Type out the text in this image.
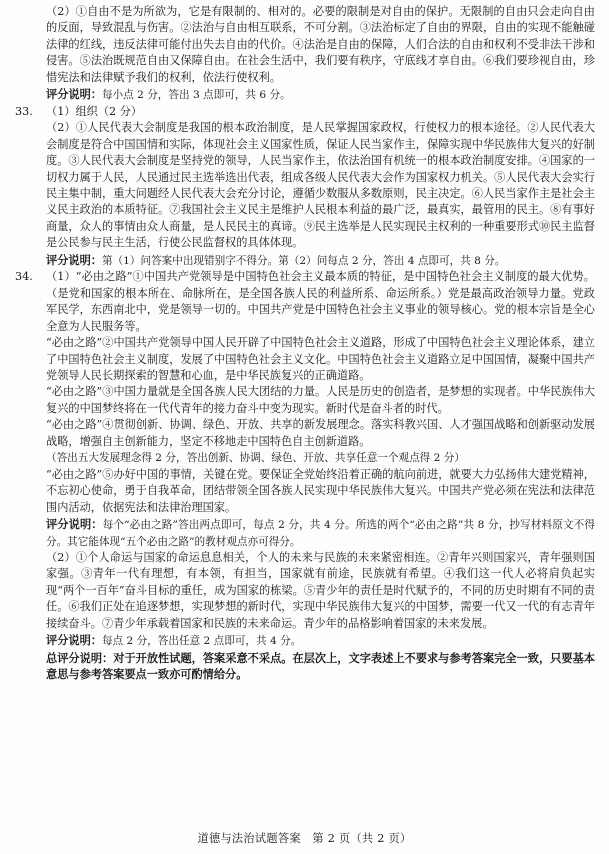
（2）①自由不是为所欲为，它是有限制的、相对的。必要的限制是对自由的保护。无限制的自由只会走向自由的反面，导致混乱与伤害。②法治与自由相互联系，不可分割。③法治标定了自由的界限，自由的实现不能触碰法律的红线，违反法律可能付出失去自由的代价。④法治是自由的保障，人们合法的自由和权利不受非法干涉和侵害。⑤法治既规范自由又保障自由。在社会生活中，我们要有秩序，守底线才享自由。⑥我们要珍视自由，珍惜宪法和法律赋予我们的权利，依法行使权利。

评分说明：每小点 2 分，答出 3 点即可，共 6 分。

33.	（1）组织（2 分）

（2）①人民代表大会制度是我国的根本政治制度，是人民掌握国家政权，行使权力的根本途径。②人民代表大会制度是符合中国国情和实际，体现社会主义国家性质，保证人民当家作主，保障实现中华民族伟大复兴的好制度。③人民代表大会制度是坚持党的领导，人民当家作主，依法治国有机统一的根本政治制度安排。④国家的一切权力属于人民，人民通过民主选举选出代表，组成各级人民代表大会作为国家权力机关。⑤人民代表大会实行民主集中制，重大问题经人民代表大会充分讨论，遵循少数服从多数原则，民主决定。⑥人民当家作主是社会主义民主政治的本质特征。⑦我国社会主义民主是维护人民根本利益的最广泛，最真实，最管用的民主。⑧有事好商量，众人的事情由众人商量，是人民民主的真谛。⑨民主选举是人民实现民主权利的一种重要形式⑩民主监督是公民参与民主生活，行使公民监督权的具体体现。

评分说明：第（1）问答案中出现错别字不得分。第（2）问每点 2 分，答出 4 点即可，共 8 分。

34.	（1）“必由之路”①中国共产党领导是中国特色社会主义最本质的特征，是中国特色社会主义制度的最大优势。（是党和国家的根本所在、命脉所在，是全国各族人民的利益所系、命运所系。）党是最高政治领导力量。党政军民学，东西南北中，党是领导一切的。中国共产党是中国特色社会主义事业的领导核心。党的根本宗旨是全心全意为人民服务等。

“必由之路”②中国共产党领导中国人民开辟了中国特色社会主义道路，形成了中国特色社会主义理论体系，建立了中国特色社会主义制度，发展了中国特色社会主义文化。中国特色社会主义道路立足中国国情，凝聚中国共产党领导人民长期探索的智慧和心血，是中华民族复兴的正确道路。

“必由之路”③中国力量就是全国各族人民大团结的力量。人民是历史的创造者，是梦想的实现者。中华民族伟大复兴的中国梦终将在一代代青年的接力奋斗中变为现实。新时代是奋斗者的时代。

“必由之路”④贯彻创新、协调、绿色、开放、共享的新发展理念。落实科教兴国、人才强国战略和创新驱动发展战略，增强自主创新能力，坚定不移地走中国特色自主创新道路。

（答出五大发展理念得 2 分，答出创新、协调、绿色、开放、共享任意一个观点得 2 分）

“必由之路”⑤办好中国的事情，关键在党。要保证全党始终沿着正确的航向前进，就要大力弘扬伟大建党精神，不忘初心使命，勇于自我革命，团结带领全国各族人民实现中华民族伟大复兴。中国共产党必须在宪法和法律范围内活动，依据宪法和法律治理国家。

评分说明：每个“必由之路”答出两点即可，每点 2 分，共 4 分。所选的两个“必由之路”共 8 分，抄写材料原文不得分。其它能体现“五个必由之路”的教材观点亦可得分。

（2）①个人命运与国家的命运息息相关，个人的未来与民族的未来紧密相连。②青年兴则国家兴，青年强则国家强。③青年一代有理想，有本领，有担当，国家就有前途，民族就有希望。④我们这一代人必将肩负起实现“两个一百年”奋斗目标的重任，成为国家的栋梁。⑤青少年的责任是时代赋予的，不同的历史时期有不同的责任。⑥我们正处在追逐梦想，实现梦想的新时代，实现中华民族伟大复兴的中国梦，需要一代又一代的有志青年接续奋斗。⑦青少年承载着国家和民族的未来命运。青少年的品格影响着国家的未来发展。

评分说明：每点 2 分，答出任意 2 点即可，共 4 分。

总评分说明：对于开放性试题，答案采意不采点。在层次上，文字表述上不要求与参考答案完全一致，只要基本意思与参考答案要点一致亦可酌情给分。

道德与法治试题答案　第 2 页（共 2 页）
